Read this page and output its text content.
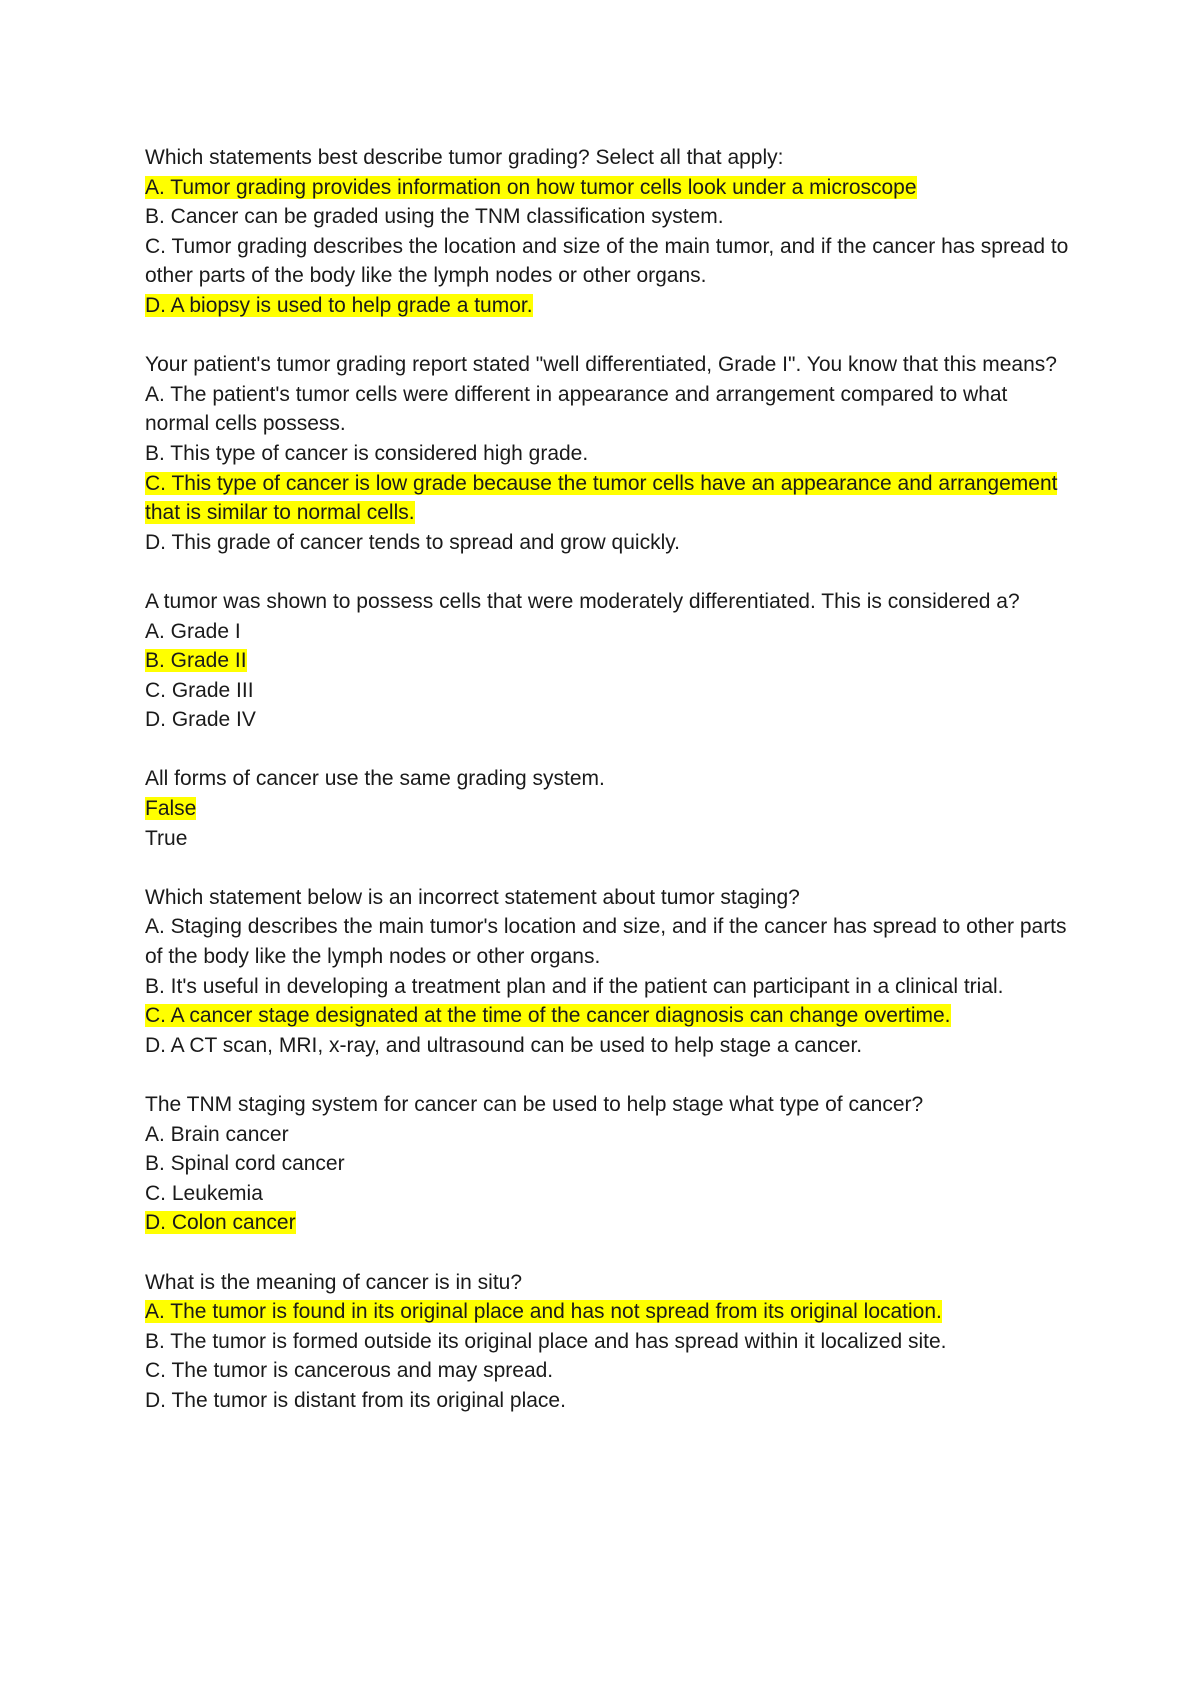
Which statements best describe tumor grading? Select all that apply:
A. Tumor grading provides information on how tumor cells look under a microscope
B. Cancer can be graded using the TNM classification system.
C. Tumor grading describes the location and size of the main tumor, and if the cancer has spread to other parts of the body like the lymph nodes or other organs.
D. A biopsy is used to help grade a tumor.
Your patient's tumor grading report stated "well differentiated, Grade I". You know that this means?
A. The patient's tumor cells were different in appearance and arrangement compared to what normal cells possess.
B. This type of cancer is considered high grade.
C. This type of cancer is low grade because the tumor cells have an appearance and arrangement that is similar to normal cells.
D. This grade of cancer tends to spread and grow quickly.
A tumor was shown to possess cells that were moderately differentiated. This is considered a?
A. Grade I
B. Grade II
C. Grade III
D. Grade IV
All forms of cancer use the same grading system.
False
True
Which statement below is an incorrect statement about tumor staging?
A. Staging describes the main tumor's location and size, and if the cancer has spread to other parts of the body like the lymph nodes or other organs.
B. It's useful in developing a treatment plan and if the patient can participant in a clinical trial.
C. A cancer stage designated at the time of the cancer diagnosis can change overtime.
D. A CT scan, MRI, x-ray, and ultrasound can be used to help stage a cancer.
The TNM staging system for cancer can be used to help stage what type of cancer?
A. Brain cancer
B. Spinal cord cancer
C. Leukemia
D. Colon cancer
What is the meaning of cancer is in situ?
A. The tumor is found in its original place and has not spread from its original location.
B. The tumor is formed outside its original place and has spread within it localized site.
C. The tumor is cancerous and may spread.
D. The tumor is distant from its original place.
